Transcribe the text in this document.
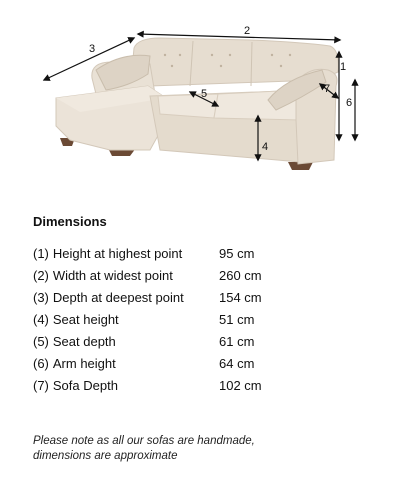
1
2
3
4
5
6
7
Dimensions
(1) Height at highest point	95 cm
(2) Width at widest point	260 cm
(3) Depth at deepest point	154 cm
(4) Seat height	51 cm
(5) Seat depth	61 cm
(6) Arm height	64 cm
(7) Sofa Depth	102 cm
Please note as all our sofas are handmade,
dimensions are approximate
